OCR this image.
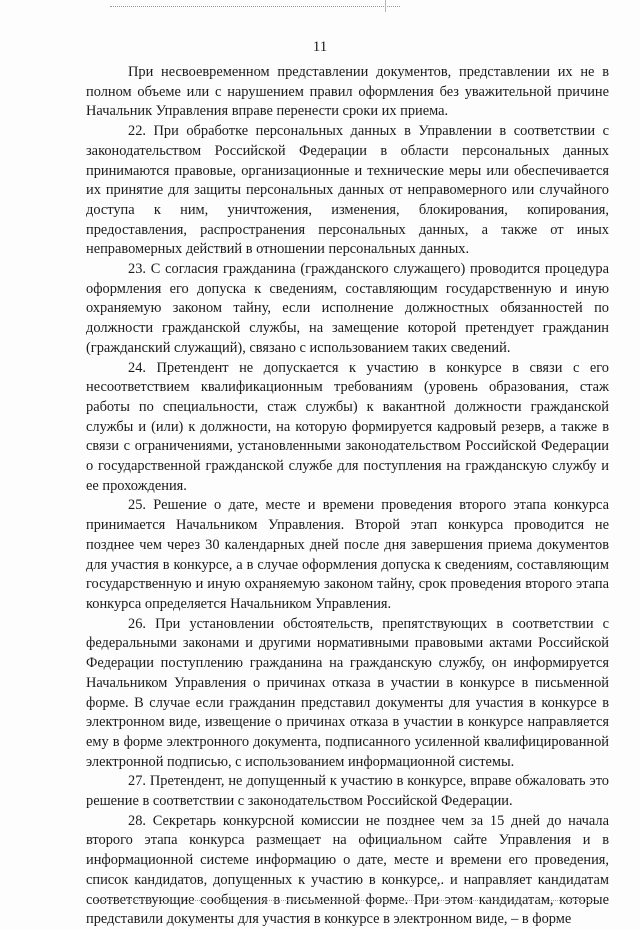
11

При несвоевременном представлении документов, представлении их не в полном объеме или с нарушением правил оформления без уважительной причине Начальник Управления вправе перенести сроки их приема.

22. При обработке персональных данных в Управлении в соответствии с законодательством Российской Федерации в области персональных данных принимаются правовые, организационные и технические меры или обеспечивается их принятие для защиты персональных данных от неправомерного или случайного доступа к ним, уничтожения, изменения, блокирования, копирования, предоставления, распространения персональных данных, а также от иных неправомерных действий в отношении персональных данных.

23. С согласия гражданина (гражданского служащего) проводится процедура оформления его допуска к сведениям, составляющим государственную и иную охраняемую законом тайну, если исполнение должностных обязанностей по должности гражданской службы, на замещение которой претендует гражданин (гражданский служащий), связано с использованием таких сведений.

24. Претендент не допускается к участию в конкурсе в связи с его несоответствием квалификационным требованиям (уровень образования, стаж работы по специальности, стаж службы) к вакантной должности гражданской службы и (или) к должности, на которую формируется кадровый резерв, а также в связи с ограничениями, установленными законодательством Российской Федерации о государственной гражданской службе для поступления на гражданскую службу и ее прохождения.

25. Решение о дате, месте и времени проведения второго этапа конкурса принимается Начальником Управления. Второй этап конкурса проводится не позднее чем через 30 календарных дней после дня завершения приема документов для участия в конкурсе, а в случае оформления допуска к сведениям, составляющим государственную и иную охраняемую законом тайну, срок проведения второго этапа конкурса определяется Начальником Управления.

26. При установлении обстоятельств, препятствующих в соответствии с федеральными законами и другими нормативными правовыми актами Российской Федерации поступлению гражданина на гражданскую службу, он информируется Начальником Управления о причинах отказа в участии в конкурсе в письменной форме. В случае если гражданин представил документы для участия в конкурсе в электронном виде, извещение о причинах отказа в участии в конкурсе направляется ему в форме электронного документа, подписанного усиленной квалифицированной электронной подписью, с использованием информационной системы.

27. Претендент, не допущенный к участию в конкурсе, вправе обжаловать это решение в соответствии с законодательством Российской Федерации.

28. Секретарь конкурсной комиссии не позднее чем за 15 дней до начала второго этапа конкурса размещает на официальном сайте Управления и в информационной системе информацию о дате, месте и времени его проведения, список кандидатов, допущенных к участию в конкурсе,. и направляет кандидатам соответствующие сообщения в письменной форме. При этом кандидатам, которые представили документы для участия в конкурсе в электронном виде, – в форме
